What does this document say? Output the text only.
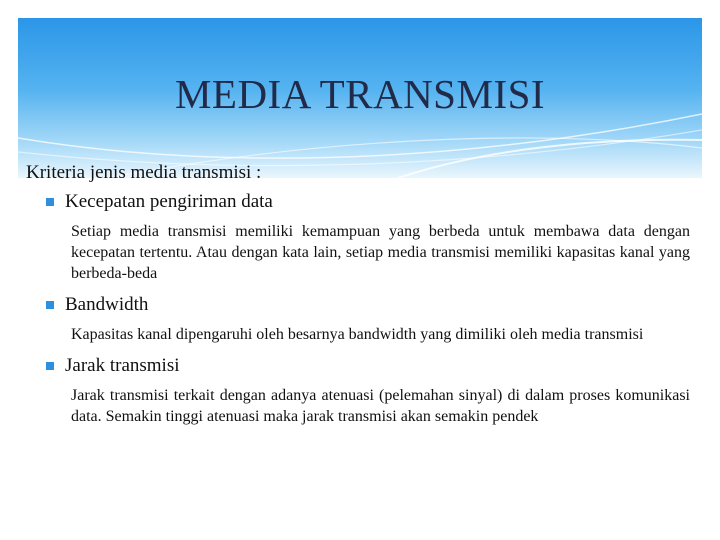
MEDIA TRANSMISI

Kriteria jenis media transmisi :

Kecepatan pengiriman data

Setiap media transmisi memiliki kemampuan yang berbeda untuk membawa data dengan kecepatan tertentu. Atau dengan kata lain, setiap media transmisi memiliki kapasitas kanal yang berbeda-beda

Bandwidth

Kapasitas kanal dipengaruhi oleh besarnya bandwidth yang dimiliki oleh media transmisi

Jarak transmisi

Jarak transmisi terkait dengan adanya atenuasi (pelemahan sinyal) di dalam proses komunikasi data. Semakin tinggi atenuasi maka jarak transmisi akan semakin pendek
